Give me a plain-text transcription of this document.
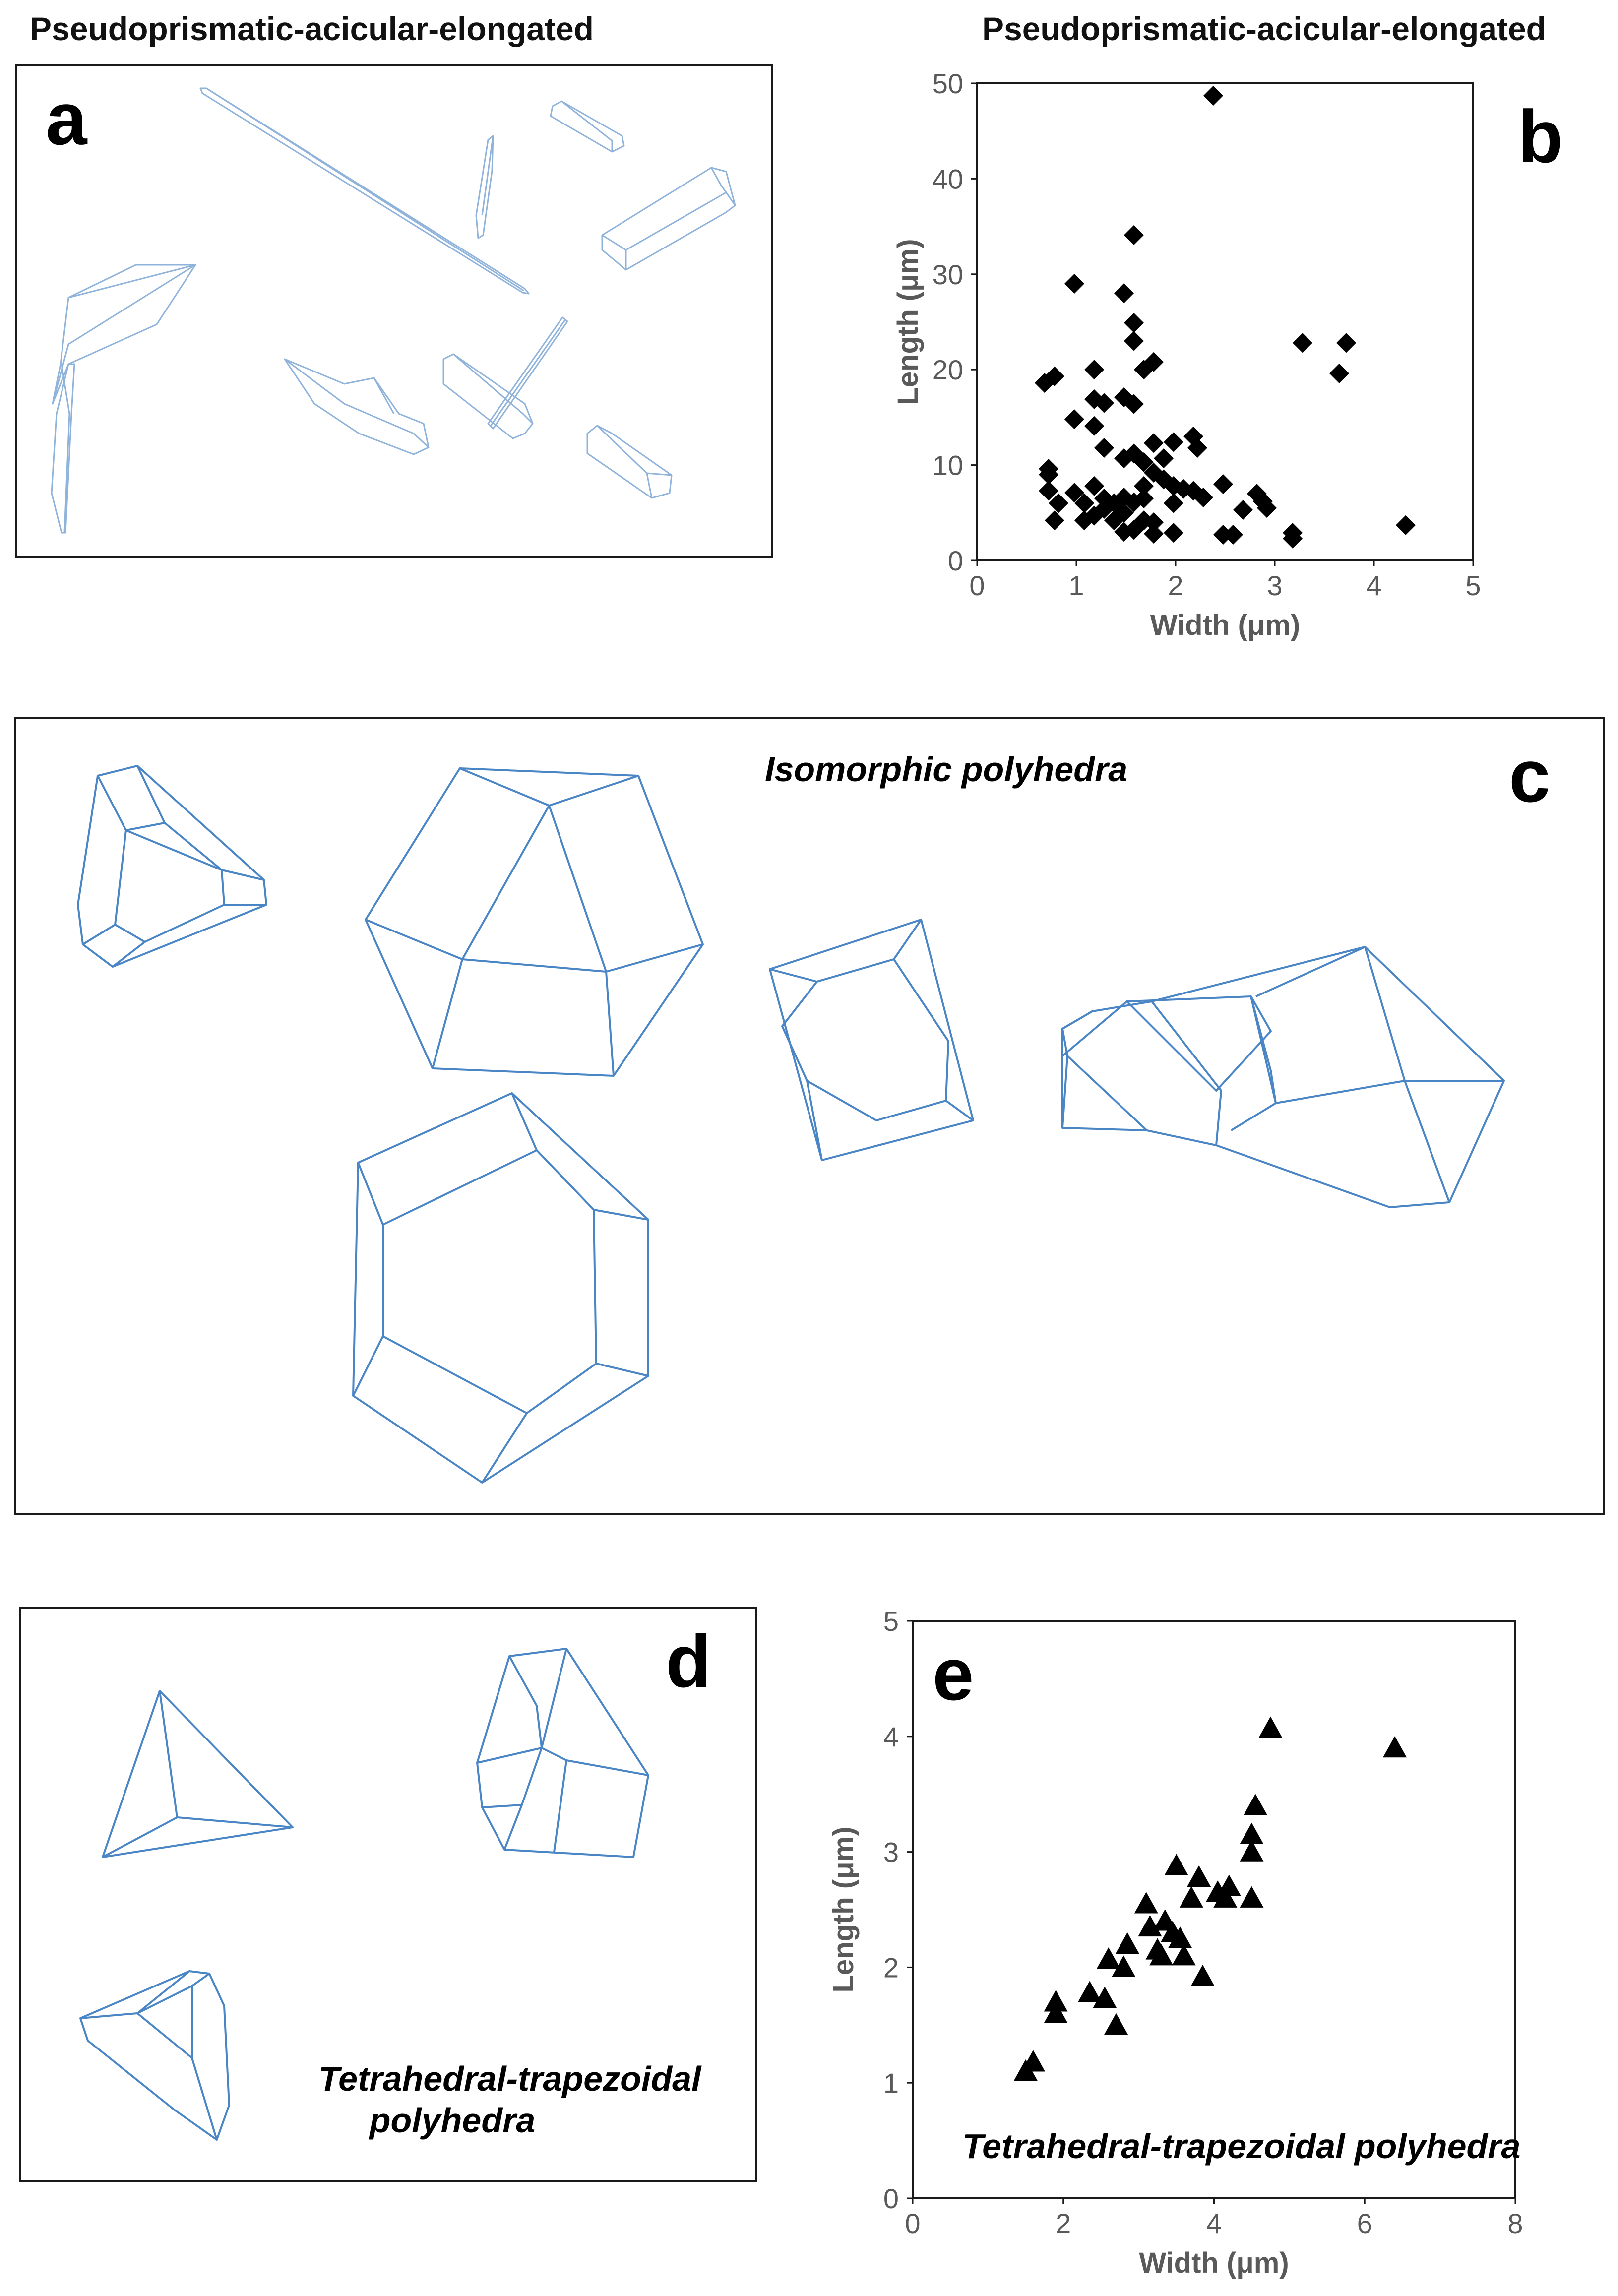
Pseudoprismatic-acicular-elongated
a
Pseudoprismatic-acicular-elongated
0	1	2	3	4	5
0
10
20
30
40
50
Width (μm)
Length (μm)
b
c
Isomorphic polyhedra
d
Tetrahedral-trapezoidal
polyhedra
0	2	4	6	8
0
1
2
3
4
5
Width (μm)
Length (μm)
e
Tetrahedral-trapezoidal polyhedra
